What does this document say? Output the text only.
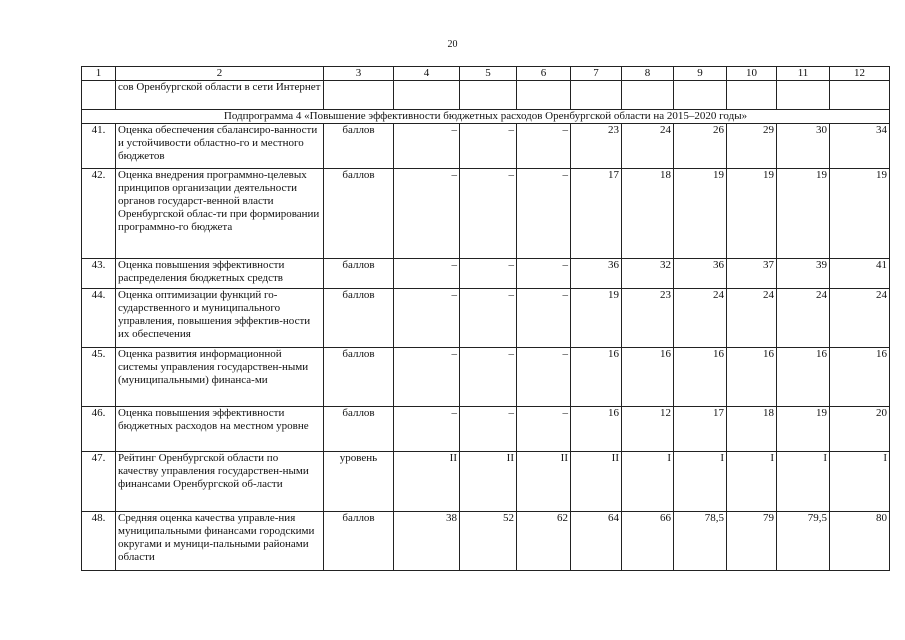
20
1	2	3	4	5	6	7	8	9	10	11	12
	сов Оренбургской области в сети Интернет										
Подпрограмма 4 «Повышение эффективности бюджетных расходов Оренбургской области на 2015–2020 годы»											
41.	Оценка обеспечения сбалансиро-ванности и устойчивости областно-го и местного бюджетов	баллов	–	–	–	23	24	26	29	30	34
42.	Оценка внедрения программно-целевых принципов организации деятельности органов государст-венной власти Оренбургской облас-ти при формировании программно-го бюджета	баллов	–	–	–	17	18	19	19	19	19
43.	Оценка повышения эффективности распределения бюджетных средств	баллов	–	–	–	36	32	36	37	39	41
44.	Оценка оптимизации функций го-сударственного и муниципального управления, повышения эффектив-ности их обеспечения	баллов	–	–	–	19	23	24	24	24	24
45.	Оценка развития информационной системы управления государствен-ными (муниципальными) финанса-ми	баллов	–	–	–	16	16	16	16	16	16
46.	Оценка повышения эффективности бюджетных расходов на местном уровне	баллов	–	–	–	16	12	17	18	19	20
47.	Рейтинг Оренбургской области по качеству управления государствен-ными финансами Оренбургской об-ласти	уровень	II	II	II	II	I	I	I	I	I
48.	Средняя оценка качества управле-ния муниципальными финансами городскими округами и муници-пальными районами области	баллов	38	52	62	64	66	78,5	79	79,5	80
